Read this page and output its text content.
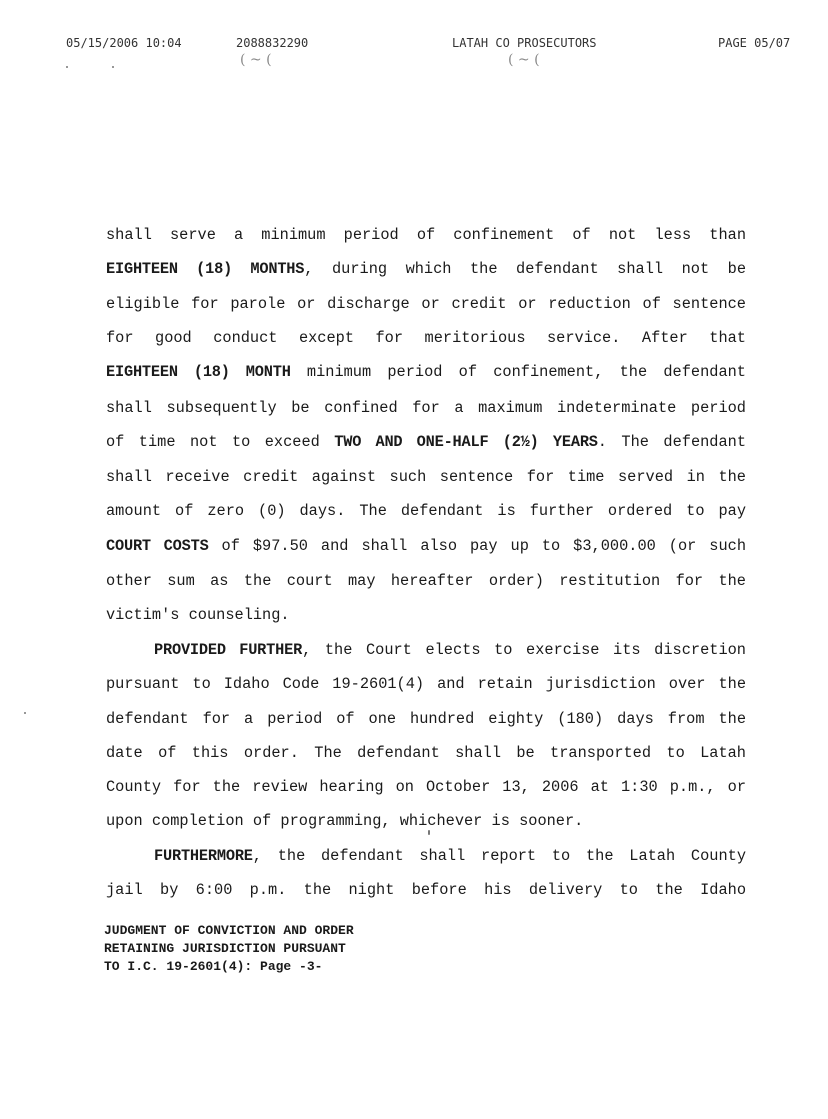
05/15/2006 10:04	2088832290	LATAH CO PROSECUTORS	PAGE 05/07
( ~ (	( ~ (
shall serve a minimum period of confinement of not less than
EIGHTEEN (18) MONTHS, during which the defendant shall not be
eligible for parole or discharge or credit or reduction of sentence
for good conduct except for meritorious service. After that
EIGHTEEN (18) MONTH minimum period of confinement, the defendant
shall subsequently be confined for a maximum indeterminate period
of time not to exceed TWO AND ONE-HALF (2½) YEARS. The defendant
shall receive credit against such sentence for time served in the
amount of zero (0) days. The defendant is further ordered to pay
COURT COSTS of $97.50 and shall also pay up to $3,000.00 (or such
other sum as the court may hereafter order) restitution for the
victim's counseling.
PROVIDED FURTHER, the Court elects to exercise its discretion
pursuant to Idaho Code 19-2601(4) and retain jurisdiction over the
defendant for a period of one hundred eighty (180) days from the
date of this order. The defendant shall be transported to Latah
County for the review hearing on October 13, 2006 at 1:30 p.m., or
upon completion of programming, whichever is sooner.
FURTHERMORE, the defendant shall report to the Latah County
jail by 6:00 p.m. the night before his delivery to the Idaho
JUDGMENT OF CONVICTION AND ORDER
RETAINING JURISDICTION PURSUANT
TO I.C. 19-2601(4): Page -3-
